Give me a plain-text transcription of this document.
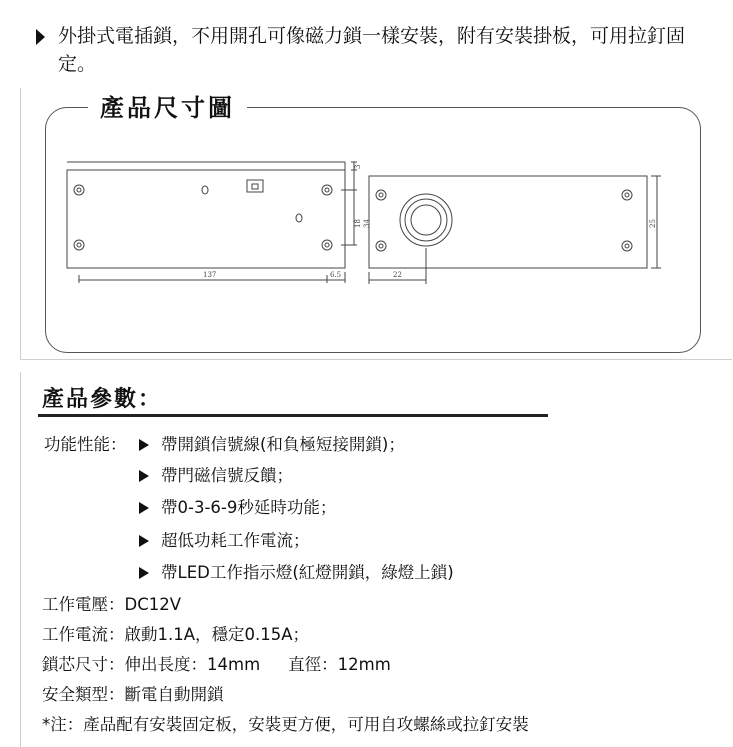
外掛式電插鎖，不用開孔可像磁力鎖一樣安裝，附有安裝掛板，可用拉釘固定。
產品尺寸圖
137	6.5	22
3
18 34	25
產品參數：
功能性能：	帶開鎖信號線(和負極短接開鎖)；
帶門磁信號反饋；
帶0-3-6-9秒延時功能；
超低功耗工作電流；
帶LED工作指示燈(紅燈開鎖，綠燈上鎖)
工作電壓：DC12V
工作電流：啟動1.1A，穩定0.15A；
鎖芯尺寸：伸出長度：14mm 直徑：12mm
安全類型：斷電自動開鎖
*注：產品配有安裝固定板，安裝更方便，可用自攻螺絲或拉釘安裝
